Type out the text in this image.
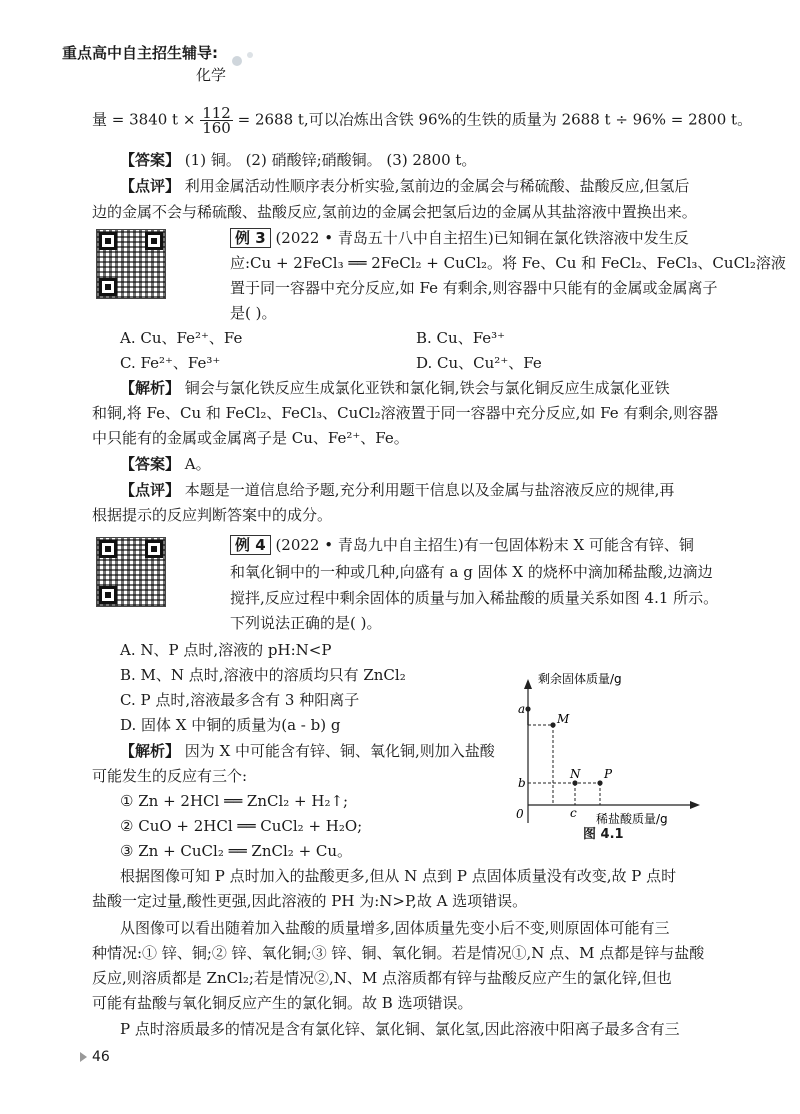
重点高中自主招生辅导:
化学
量 = 3840 $t \times \frac{112}{160} = 2688$ t,可以冶炼出含铁 96%的生铁的质量为 2688 t ÷ 96% = 2800 t。
【答案】 (1) 铜。 (2) 硝酸锌;硝酸铜。 (3) 2800 t。
【点评】 利用金属活动性顺序表分析实验,氢前边的金属会与稀硫酸、盐酸反应,但氢后
边的金属不会与稀硫酸、盐酸反应,氢前边的金属会把氢后边的金属从其盐溶液中置换出来。
例 3 (2022 • 青岛五十八中自主招生)已知铜在氯化铁溶液中发生反
应:Cu + 2FeCl₃ ══ 2FeCl₂ + CuCl₂。将 Fe、Cu 和 FeCl₂、FeCl₃、CuCl₂溶液
置于同一容器中充分反应,如 Fe 有剩余,则容器中只能有的金属或金属离子
是( )。
A. Cu、Fe²⁺、Fe	B. Cu、Fe³⁺
C. Fe²⁺、Fe³⁺	D. Cu、Cu²⁺、Fe
【解析】 铜会与氯化铁反应生成氯化亚铁和氯化铜,铁会与氯化铜反应生成氯化亚铁
和铜,将 Fe、Cu 和 FeCl₂、FeCl₃、CuCl₂溶液置于同一容器中充分反应,如 Fe 有剩余,则容器
中只能有的金属或金属离子是 Cu、Fe²⁺、Fe。
【答案】 A。
【点评】 本题是一道信息给予题,充分利用题干信息以及金属与盐溶液反应的规律,再
根据提示的反应判断答案中的成分。
例 4 (2022 • 青岛九中自主招生)有一包固体粉末 X 可能含有锌、铜
和氧化铜中的一种或几种,向盛有 a g 固体 X 的烧杯中滴加稀盐酸,边滴边
搅拌,反应过程中剩余固体的质量与加入稀盐酸的质量关系如图 4.1 所示。
下列说法正确的是( )。
A. N、P 点时,溶液的 pH:N<P
B. M、N 点时,溶液中的溶质均只有 ZnCl₂
C. P 点时,溶液最多含有 3 种阳离子
D. 固体 X 中铜的质量为(a - b) g
【解析】 因为 X 中可能含有锌、铜、氧化铜,则加入盐酸
可能发生的反应有三个:
① Zn + 2HCl ══ ZnCl₂ + H₂↑;
② CuO + 2HCl ══ CuCl₂ + H₂O;
③ Zn + CuCl₂ ══ ZnCl₂ + Cu。
根据图像可知 P 点时加入的盐酸更多,但从 N 点到 P 点固体质量没有改变,故 P 点时
盐酸一定过量,酸性更强,因此溶液的 PH 为:N>P,故 A 选项错误。
从图像可以看出随着加入盐酸的质量增多,固体质量先变小后不变,则原固体可能有三
种情况:① 锌、铜;② 锌、氧化铜;③ 锌、铜、氧化铜。若是情况①,N 点、M 点都是锌与盐酸
反应,则溶质都是 ZnCl₂;若是情况②,N、M 点溶质都有锌与盐酸反应产生的氯化锌,但也
可能有盐酸与氧化铜反应产生的氯化铜。故 B 选项错误。
P 点时溶质最多的情况是含有氯化锌、氯化铜、氯化氢,因此溶液中阳离子最多含有三
剩余固体质量/g
稀盐酸质量/g
0
a
b
c
M
N P
图 4.1
46
